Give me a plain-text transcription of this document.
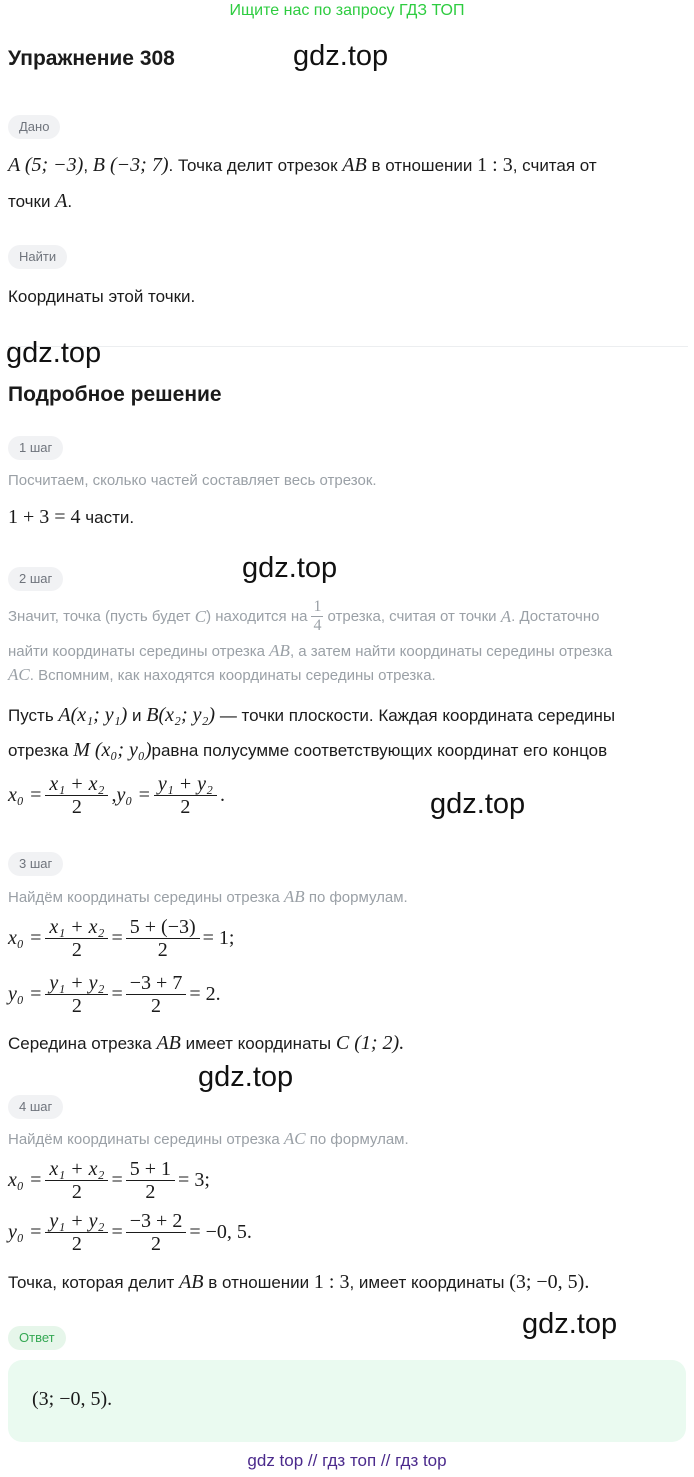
Ищите нас по запросу ГДЗ ТОП
Упражнение 308	gdz.top
Дано
A (5; −3), B (−3; 7). Точка делит отрезок AB в отношении 1 : 3, считая от
точки A.
Найти
Координаты этой точки.
gdz.top
Подробное решение
1 шаг
Посчитаем, сколько частей составляет весь отрезок.
1 + 3 = 4 части.
2 шаг	gdz.top
Значит, точка (пусть будет
C ) находится на $\frac{1}{4}$ отрезка, считая от точки
A . Достаточно
найти координаты середины отрезка AB, а затем найти координаты середины отрезка
AC. Вспомним, как находятся координаты середины отрезка.
Пусть A(x₁; y₁) и B(x₂; y₂) — точки плоскости. Каждая координата середины
отрезка M (x₀; y₀)равна полусумме соответствующих координат его концов
$x_0 = \frac{\text{x₁ + x₂}}{2}$ , $y_0 = \frac{\text{y₁ + y₂}}{2}$ .	gdz.top
3 шаг
Найдём координаты середины отрезка AB по формулам.
$x_0 = \frac{\text{x₁ + x₂}}{2} = \frac{5 + (-3)}{2} = 1$;
$y_0 = \frac{\text{y₁ + y₂}}{2} = \frac{-3 + 7}{2} = 2$.
Середина отрезка AB имеет координаты C (1; 2).
gdz.top
4 шаг
Найдём координаты середины отрезка AC по формулам.
$x_0 = \frac{\text{x₁ + x₂}}{2} = \frac{5 + 1}{2} = 3$;
$y_0 = \frac{\text{y₁ + y₂}}{2} = \frac{-3 + 2}{2} = -0$, 5.
Точка, которая делит AB в отношении 1 : 3, имеет координаты (3; −0, 5).
Ответ	gdz.top
(3; −0, 5).
gdz top // гдз топ // гдз top
